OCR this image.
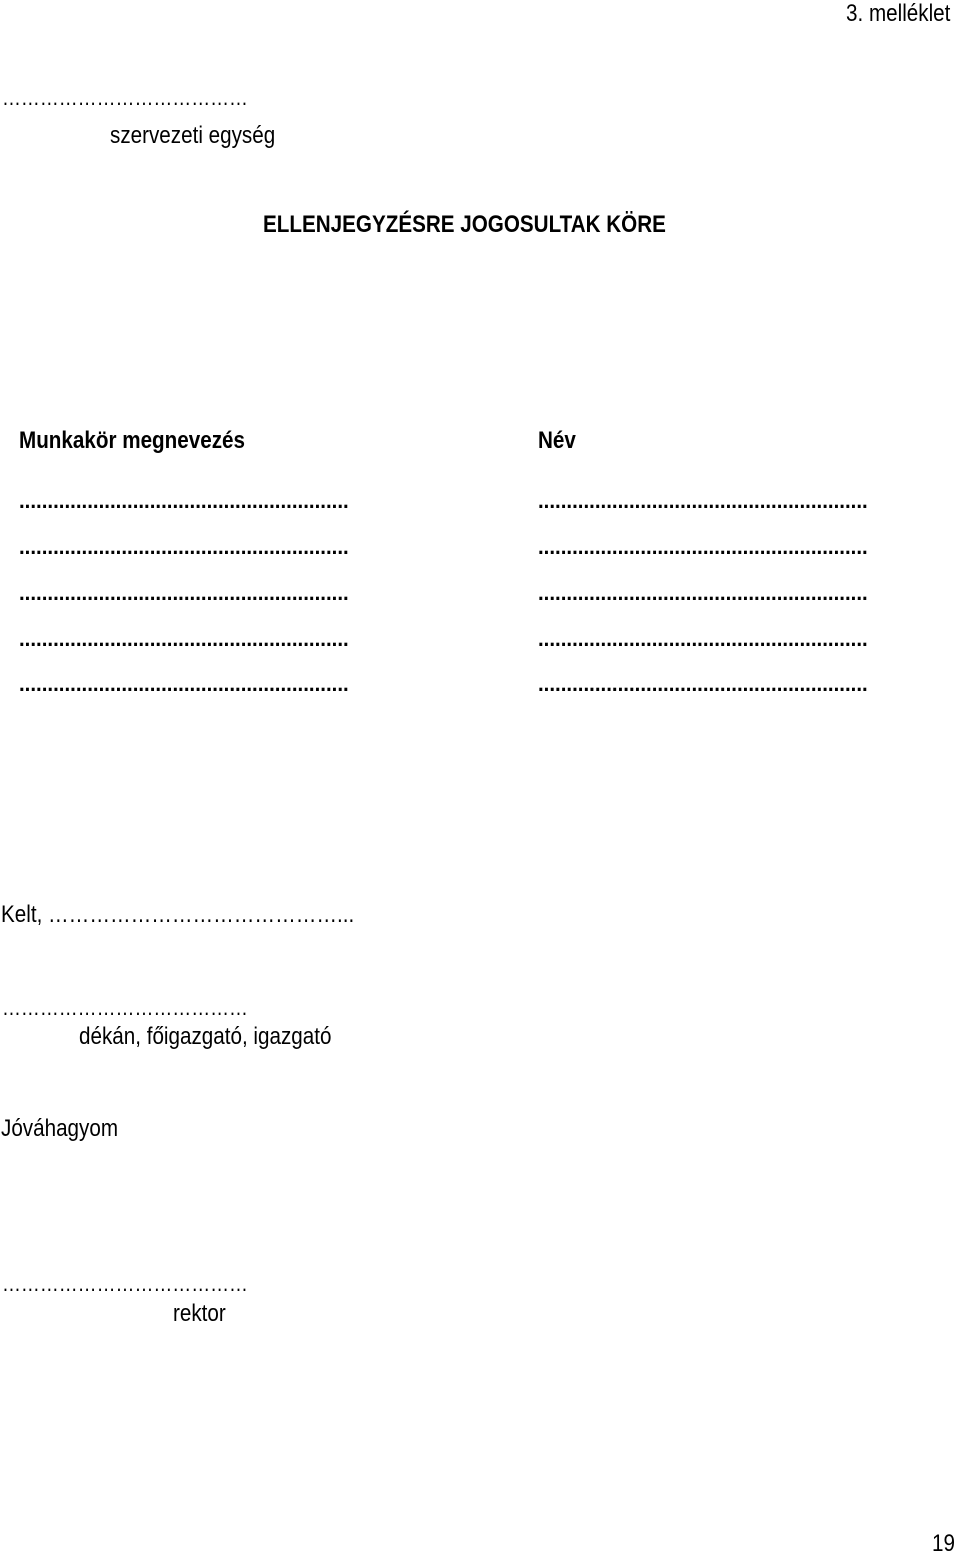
3. melléklet
…………………………………
szervezeti egység
ELLENJEGYZÉSRE JOGOSULTAK KÖRE
Munkakör megnevezés	Név
..........................................................
..........................................................
..........................................................
..........................................................
..........................................................
..........................................................
..........................................................
..........................................................
..........................................................
..........................................................
Kelt, ……………………………………...
…………………………………
dékán, főigazgató, igazgató
Jóváhagyom
…………………………………
rektor
19
